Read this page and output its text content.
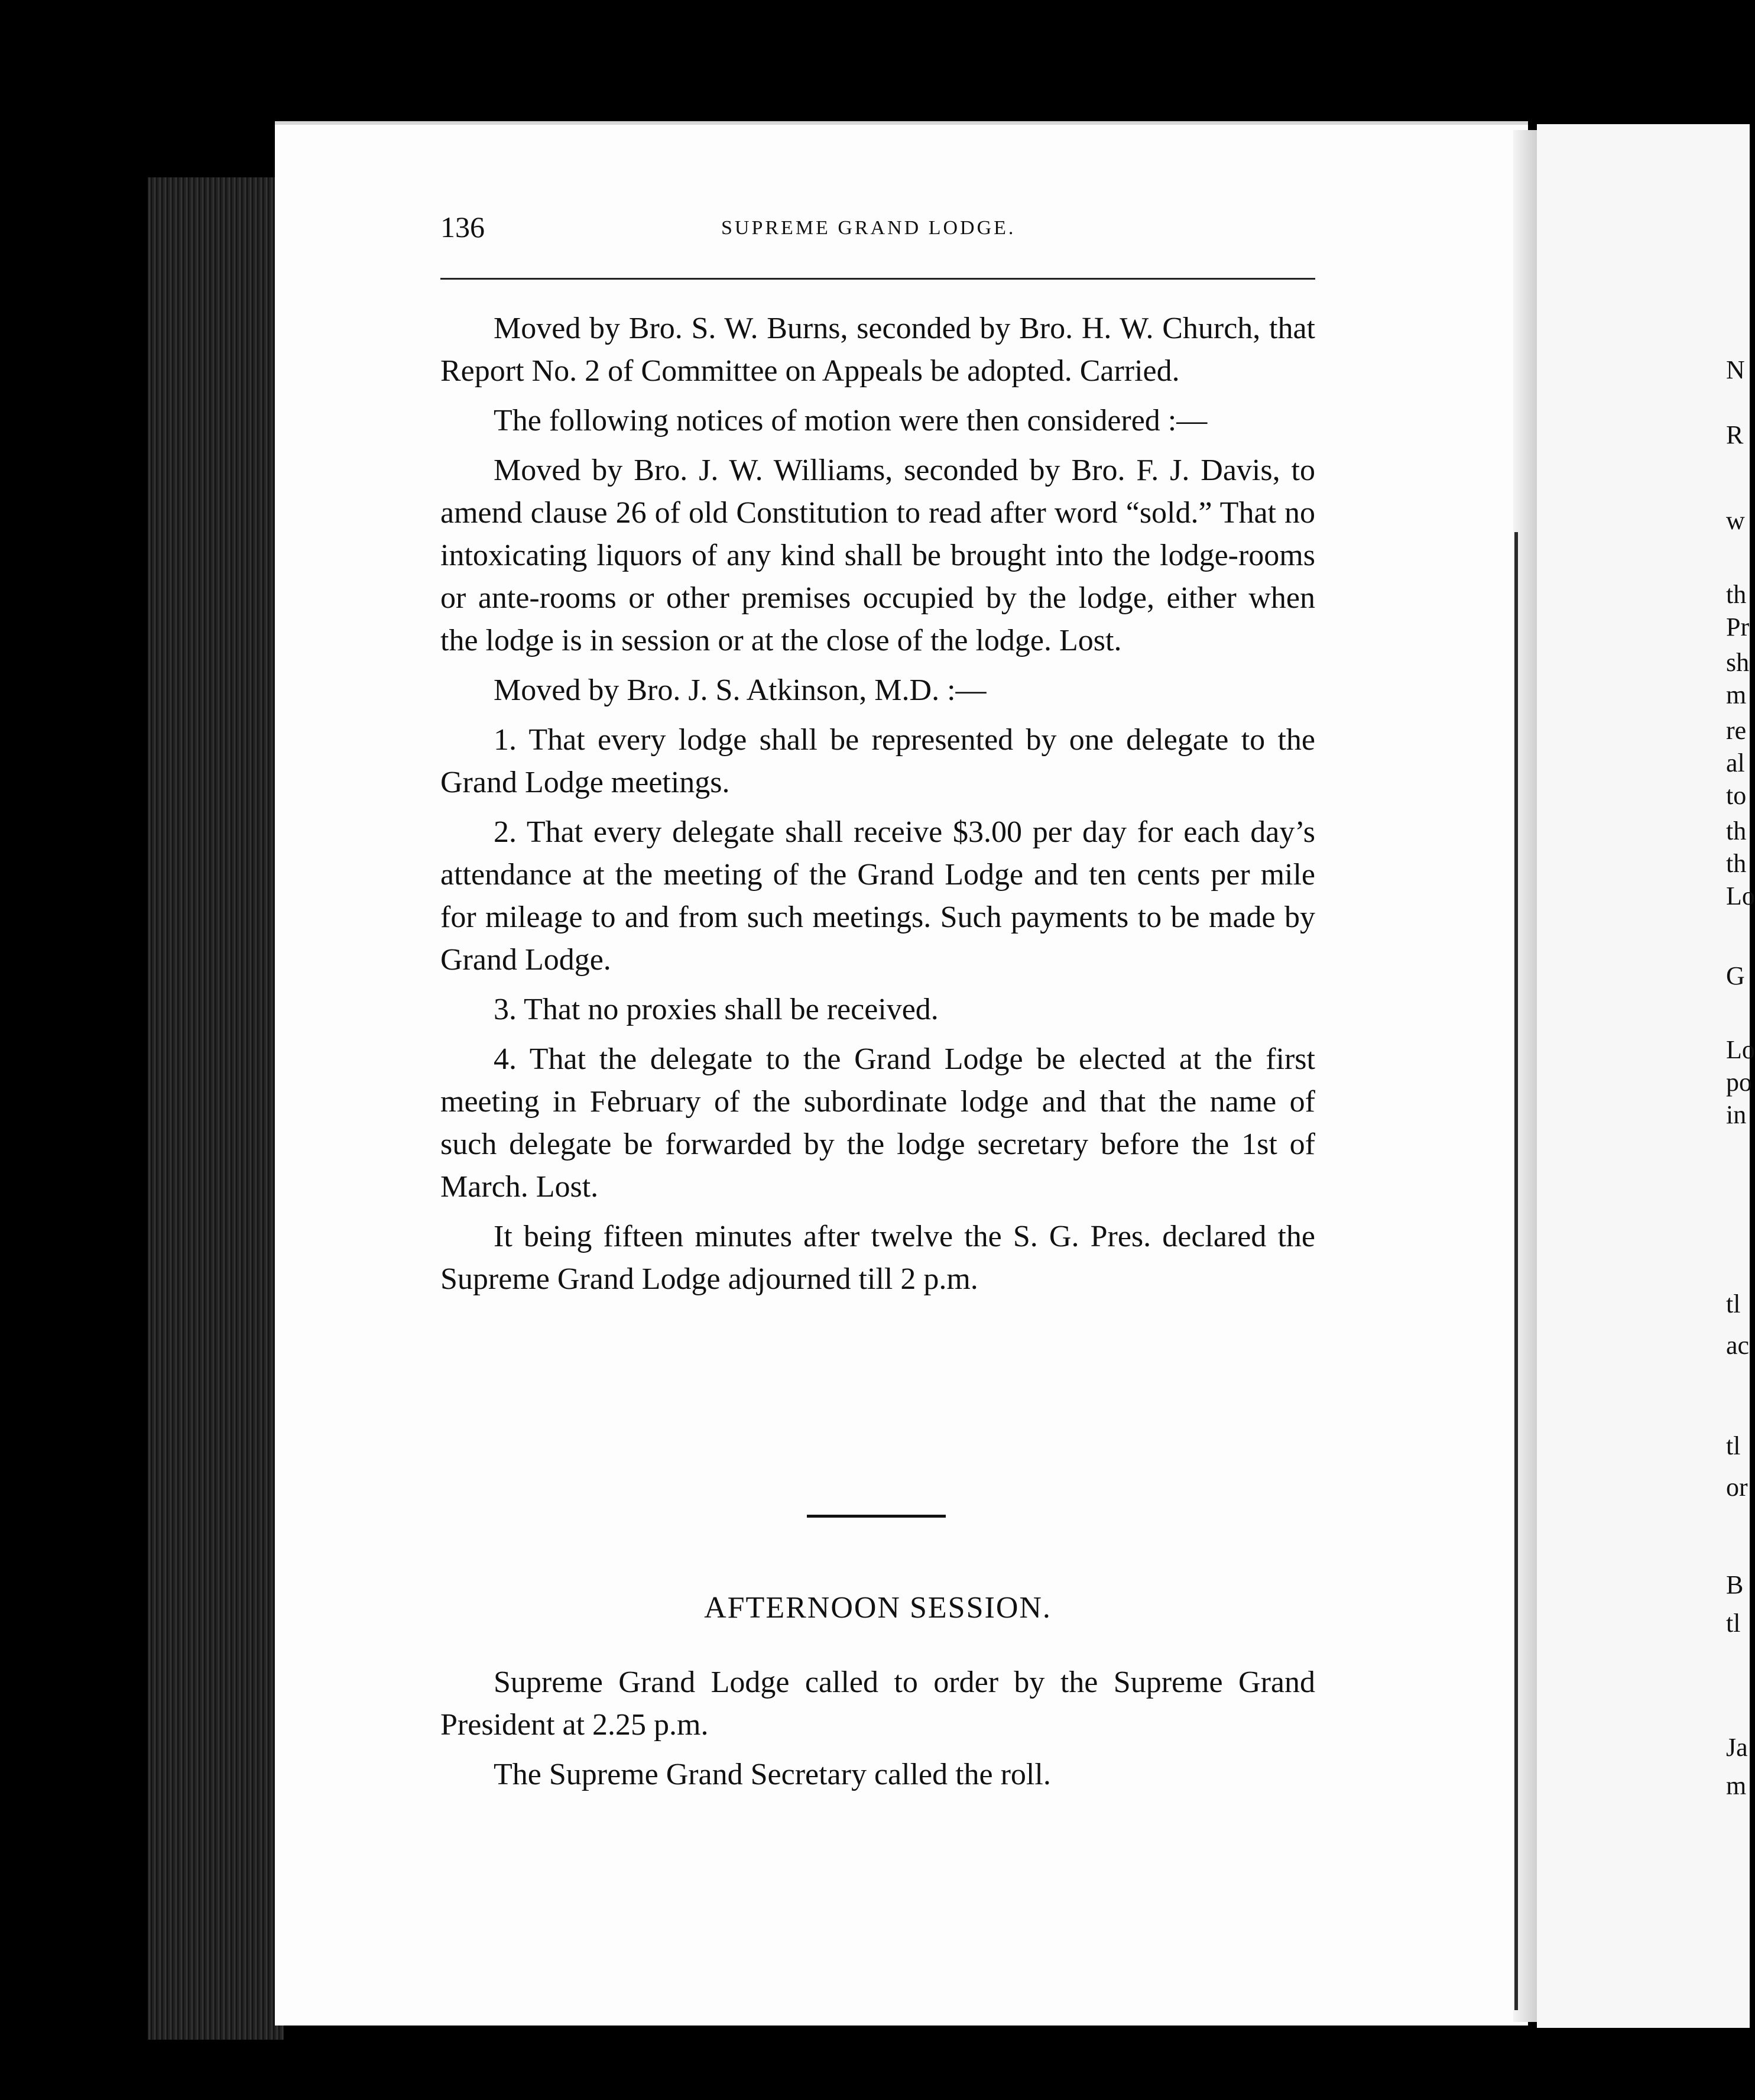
136	SUPREME GRAND LODGE.

Moved by Bro. S. W. Burns, seconded by Bro. H. W. Church, that Report No. 2 of Committee on Appeals be adopted. Carried.

The following notices of motion were then considered :—

Moved by Bro. J. W. Williams, seconded by Bro. F. J. Davis, to amend clause 26 of old Constitution to read after word “sold.” That no intoxicating liquors of any kind shall be brought into the lodge-rooms or ante-rooms or other premises occupied by the lodge, either when the lodge is in session or at the close of the lodge. Lost.

Moved by Bro. J. S. Atkinson, M.D. :—

1. That every lodge shall be represented by one delegate to the Grand Lodge meetings.

2. That every delegate shall receive $3.00 per day for each day’s attendance at the meeting of the Grand Lodge and ten cents per mile for mileage to and from such meetings. Such payments to be made by Grand Lodge.

3. That no proxies shall be received.

4. That the delegate to the Grand Lodge be elected at the first meeting in February of the subordinate lodge and that the name of such delegate be forwarded by the lodge secretary before the 1st of March. Lost.

It being fifteen minutes after twelve the S. G. Pres. declared the Supreme Grand Lodge adjourned till 2 p.m.

AFTERNOON SESSION.

Supreme Grand Lodge called to order by the Supreme Grand President at 2.25 p.m.

The Supreme Grand Secretary called the roll.

N
R
w
th
Pr
sh
m
re
al
to
th
th
Lo
G
Lo
po
in
tl
ac
tl
or
B
tl
Ja
m
